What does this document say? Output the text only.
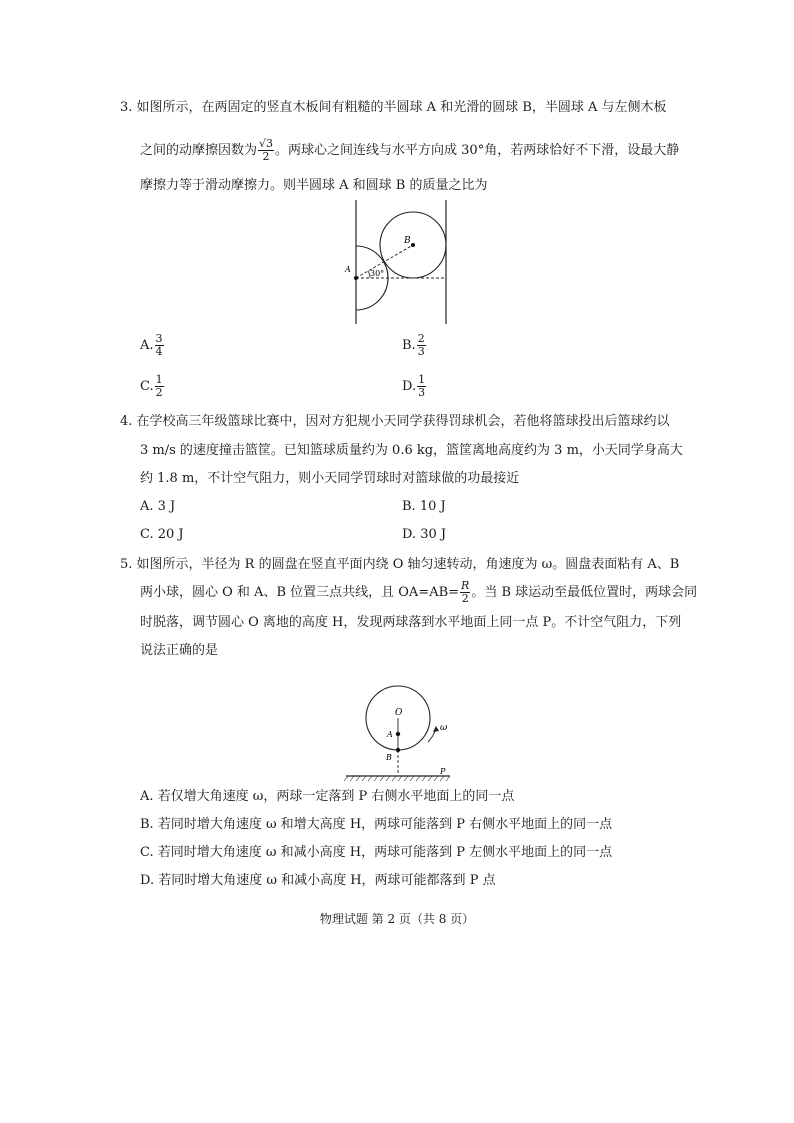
3. 如图所示，在两固定的竖直木板间有粗糙的半圆球 A 和光滑的圆球 B，半圆球 A 与左侧木板
之间的动摩擦因数为 $\frac{√3}{2}$ 。两球心之间连线与水平方向成 30°角，若两球恰好不下滑，设最大静
摩擦力等于滑动摩擦力。则半圆球 A 和圆球 B 的质量之比为
A
B
30°
A. $\frac{3}{4}$	B. $\frac{2}{3}$
C. $\frac{1}{2}$	D. $\frac{1}{3}$
4. 在学校高三年级篮球比赛中，因对方犯规小天同学获得罚球机会，若他将篮球投出后篮球约以
3 m/s 的速度撞击篮筐。已知篮球质量约为 0.6 kg，篮筐离地高度约为 3 m，小天同学身高大
约 1.8 m，不计空气阻力，则小天同学罚球时对篮球做的功最接近
A. 3 J	B. 10 J
C. 20 J	D. 30 J
5. 如图所示，半径为 R 的圆盘在竖直平面内绕 O 轴匀速转动，角速度为 ω。圆盘表面粘有 A、B
两小球，圆心 O 和 A、B 位置三点共线，且 $OA=AB= \frac{R}{2}$ 。当 B 球运动至最低位置时，两球会同
时脱落，调节圆心 O 离地的高度 H，发现两球落到水平地面上同一点 P。不计空气阻力，下列
说法正确的是
O
A
B
P
ω
A. 若仅增大角速度 ω，两球一定落到 P 右侧水平地面上的同一点
B. 若同时增大角速度 ω 和增大高度 H，两球可能落到 P 右侧水平地面上的同一点
C. 若同时增大角速度 ω 和减小高度 H，两球可能落到 P 左侧水平地面上的同一点
D. 若同时增大角速度 ω 和减小高度 H，两球可能都落到 P 点
物理试题 第 2 页（共 8 页）
